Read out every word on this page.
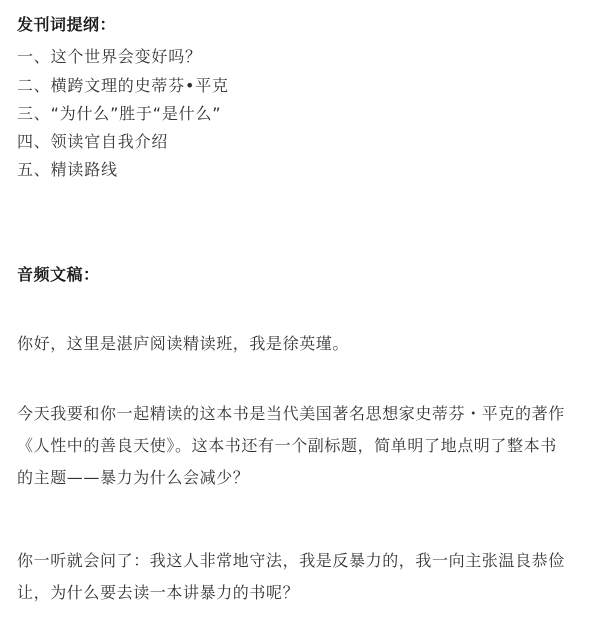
发刊词提纲：
一、这个世界会变好吗？
二、横跨文理的史蒂芬•平克
三、“为什么”胜于“是什么”
四、领读官自我介绍
五、精读路线
音频文稿：
你好，这里是湛庐阅读精读班，我是徐英瑾。
今天我要和你一起精读的这本书是当代美国著名思想家史蒂芬・平克的著作
《人性中的善良天使》。这本书还有一个副标题，简单明了地点明了整本书
的主题——暴力为什么会减少？
你一听就会问了：我这人非常地守法，我是反暴力的，我一向主张温良恭俭
让，为什么要去读一本讲暴力的书呢？
